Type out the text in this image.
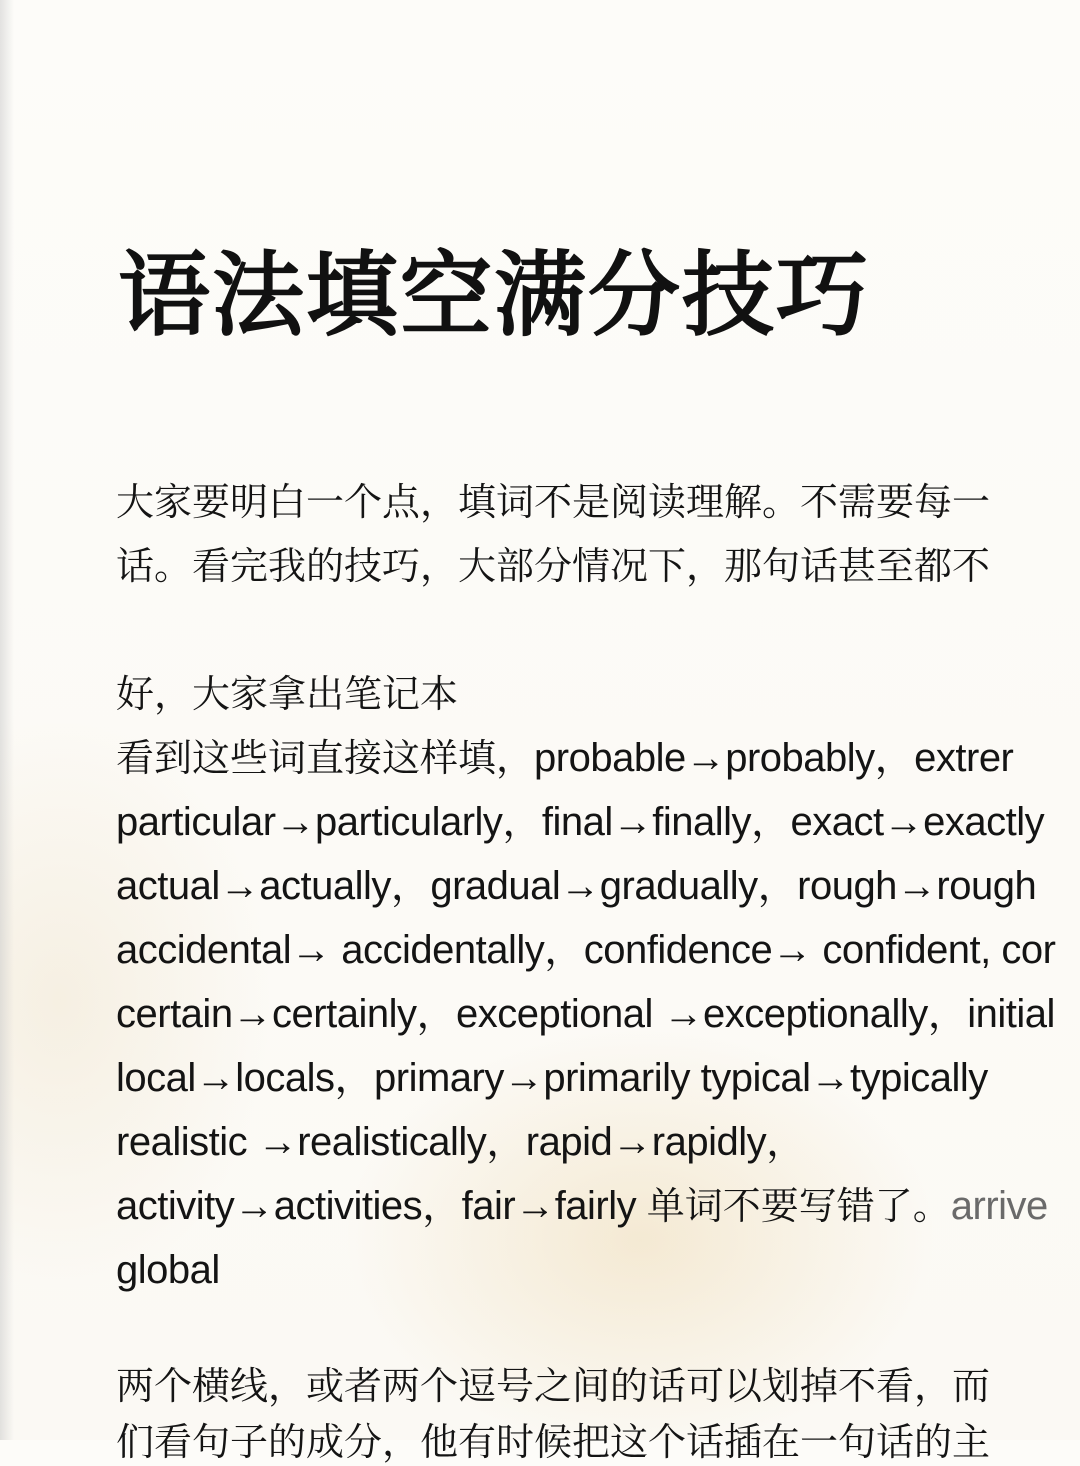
语法填空满分技巧
大家要明白一个点，填词不是阅读理解。不需要每一
话。看完我的技巧，大部分情况下，那句话甚至都不
好，大家拿出笔记本
看到这些词直接这样填，probable→probably，extrer
particular→particularly，final→finally，exact→exactly
actual→actually，gradual→gradually，rough→rough
accidental→ accidentally，confidence→ confident, cor
certain→certainly，exceptional →exceptionally，initial
local→locals，primary→primarily typical→typically
realistic →realistically，rapid→rapidly，
activity→activities，fair→fairly 单词不要写错了。arrive
global
两个横线，或者两个逗号之间的话可以划掉不看，而
们看句子的成分，他有时候把这个话插在一句话的主
